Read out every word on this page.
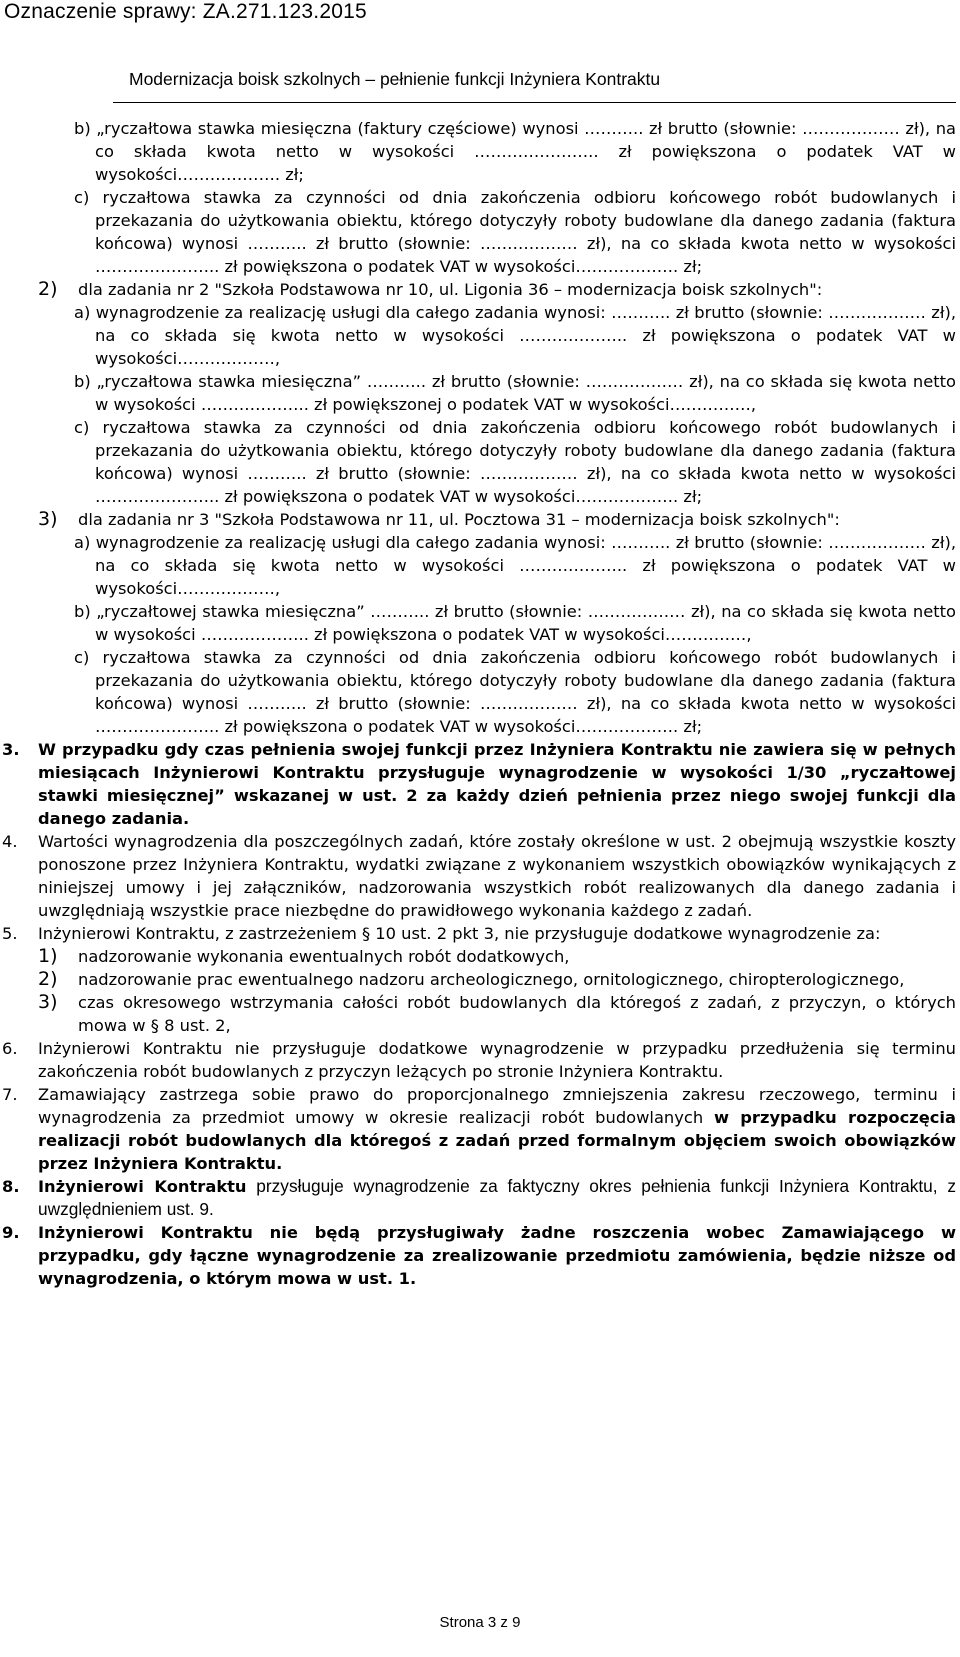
Oznaczenie sprawy: ZA.271.123.2015
Modernizacja boisk szkolnych – pełnienie funkcji Inżyniera Kontraktu

b) „ryczałtowa stawka miesięczna (faktury częściowe) wynosi ……….. zł brutto (słownie: ……………… zł), na co składa kwota netto w wysokości ………………….. zł powiększona o podatek VAT w wysokości………………. zł;

c) ryczałtowa stawka za czynności od dnia zakończenia odbioru końcowego robót budowlanych i przekazania do użytkowania obiektu, którego dotyczyły roboty budowlane dla danego zadania (faktura końcowa) wynosi ……….. zł brutto (słownie: ……………… zł), na co składa kwota netto w wysokości ………………….. zł powiększona o podatek VAT w wysokości………………. zł;

2) dla zadania nr 2 "Szkoła Podstawowa nr 10, ul. Ligonia 36 – modernizacja boisk szkolnych":

a) wynagrodzenie za realizację usługi dla całego zadania wynosi: ……….. zł brutto (słownie: ……………… zł), na co składa się kwota netto w wysokości ……………….. zł powiększona o podatek VAT w wysokości………………,

b) „ryczałtowa stawka miesięczna” ……….. zł brutto (słownie: ……………… zł), na co składa się kwota netto w wysokości ……………….. zł powiększonej o podatek VAT w wysokości……………,

c) ryczałtowa stawka za czynności od dnia zakończenia odbioru końcowego robót budowlanych i przekazania do użytkowania obiektu, którego dotyczyły roboty budowlane dla danego zadania (faktura końcowa) wynosi ……….. zł brutto (słownie: ……………… zł), na co składa kwota netto w wysokości ………………….. zł powiększona o podatek VAT w wysokości………………. zł;

3) dla zadania nr 3 "Szkoła Podstawowa nr 11, ul. Pocztowa 31 – modernizacja boisk szkolnych":

a) wynagrodzenie za realizację usługi dla całego zadania wynosi: ……….. zł brutto (słownie: ……………… zł), na co składa się kwota netto w wysokości ……………….. zł powiększona o podatek VAT w wysokości………………,

b) „ryczałtowej stawka miesięczna” ……….. zł brutto (słownie: ……………… zł), na co składa się kwota netto w wysokości ……………….. zł powiększona o podatek VAT w wysokości……………,

c) ryczałtowa stawka za czynności od dnia zakończenia odbioru końcowego robót budowlanych i przekazania do użytkowania obiektu, którego dotyczyły roboty budowlane dla danego zadania (faktura końcowa) wynosi ……….. zł brutto (słownie: ……………… zł), na co składa kwota netto w wysokości ………………….. zł powiększona o podatek VAT w wysokości………………. zł;

3. W przypadku gdy czas pełnienia swojej funkcji przez Inżyniera Kontraktu nie zawiera się w pełnych miesiącach Inżynierowi Kontraktu przysługuje wynagrodzenie w wysokości 1/30 „ryczałtowej stawki miesięcznej” wskazanej w ust. 2 za każdy dzień pełnienia przez niego swojej funkcji dla danego zadania.

4. Wartości wynagrodzenia dla poszczególnych zadań, które zostały określone w ust. 2 obejmują wszystkie koszty ponoszone przez Inżyniera Kontraktu, wydatki związane z wykonaniem wszystkich obowiązków wynikających z niniejszej umowy i jej załączników, nadzorowania wszystkich robót realizowanych dla danego zadania i uwzględniają wszystkie prace niezbędne do prawidłowego wykonania każdego z zadań.

5. Inżynierowi Kontraktu, z zastrzeżeniem § 10 ust. 2 pkt 3, nie przysługuje dodatkowe wynagrodzenie za:

1) nadzorowanie wykonania ewentualnych robót dodatkowych,

2) nadzorowanie prac ewentualnego nadzoru archeologicznego, ornitologicznego, chiropterologicznego,

3) czas okresowego wstrzymania całości robót budowlanych dla któregoś z zadań, z przyczyn, o których mowa w § 8 ust. 2,

6. Inżynierowi Kontraktu nie przysługuje dodatkowe wynagrodzenie w przypadku przedłużenia się terminu zakończenia robót budowlanych z przyczyn leżących po stronie Inżyniera Kontraktu.

7. Zamawiający zastrzega sobie prawo do proporcjonalnego zmniejszenia zakresu rzeczowego, terminu i wynagrodzenia za przedmiot umowy w okresie realizacji robót budowlanych w przypadku rozpoczęcia realizacji robót budowlanych dla któregoś z zadań przed formalnym objęciem swoich obowiązków przez Inżyniera Kontraktu.

8. Inżynierowi Kontraktu przysługuje wynagrodzenie za faktyczny okres pełnienia funkcji Inżyniera Kontraktu, z uwzględnieniem ust. 9.

9. Inżynierowi Kontraktu nie będą przysługiwały żadne roszczenia wobec Zamawiającego w przypadku, gdy łączne wynagrodzenie za zrealizowanie przedmiotu zamówienia, będzie niższe od wynagrodzenia, o którym mowa w ust. 1.

Strona 3 z 9
